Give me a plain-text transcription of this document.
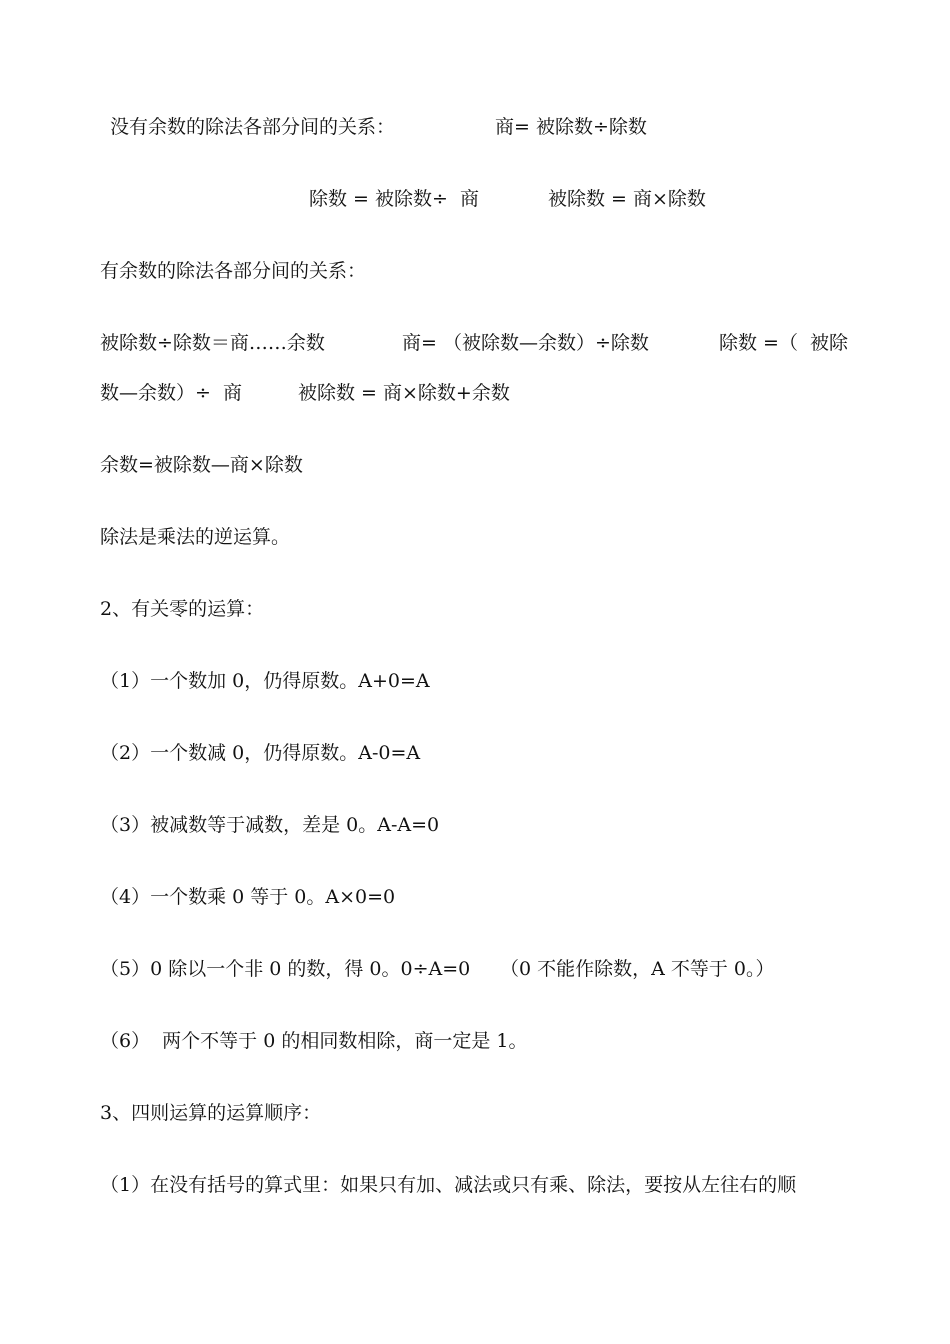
没有余数的除法各部分间的关系：	商= 被除数÷除数

除数 = 被除数÷  商	被除数 = 商×除数

有余数的除法各部分间的关系：

被除数÷除数＝商……余数	商= （被除数—余数）÷除数	除数 =（  被除

数—余数）÷  商	被除数 = 商×除数+余数

余数=被除数—商×除数

除法是乘法的逆运算。

2、有关零的运算：

（1）一个数加 0，仍得原数。A+0=A

（2）一个数减 0，仍得原数。A-0=A

（3）被减数等于减数，差是 0。A-A=0

（4）一个数乘 0 等于 0。A×0=0

（5）0 除以一个非 0 的数，得 0。0÷A=0 （0 不能作除数，A 不等于 0。）

（6）  两个不等于 0 的相同数相除，商一定是 1。

3、四则运算的运算顺序：

（1）在没有括号的算式里：如果只有加、减法或只有乘、除法，要按从左往右的顺
